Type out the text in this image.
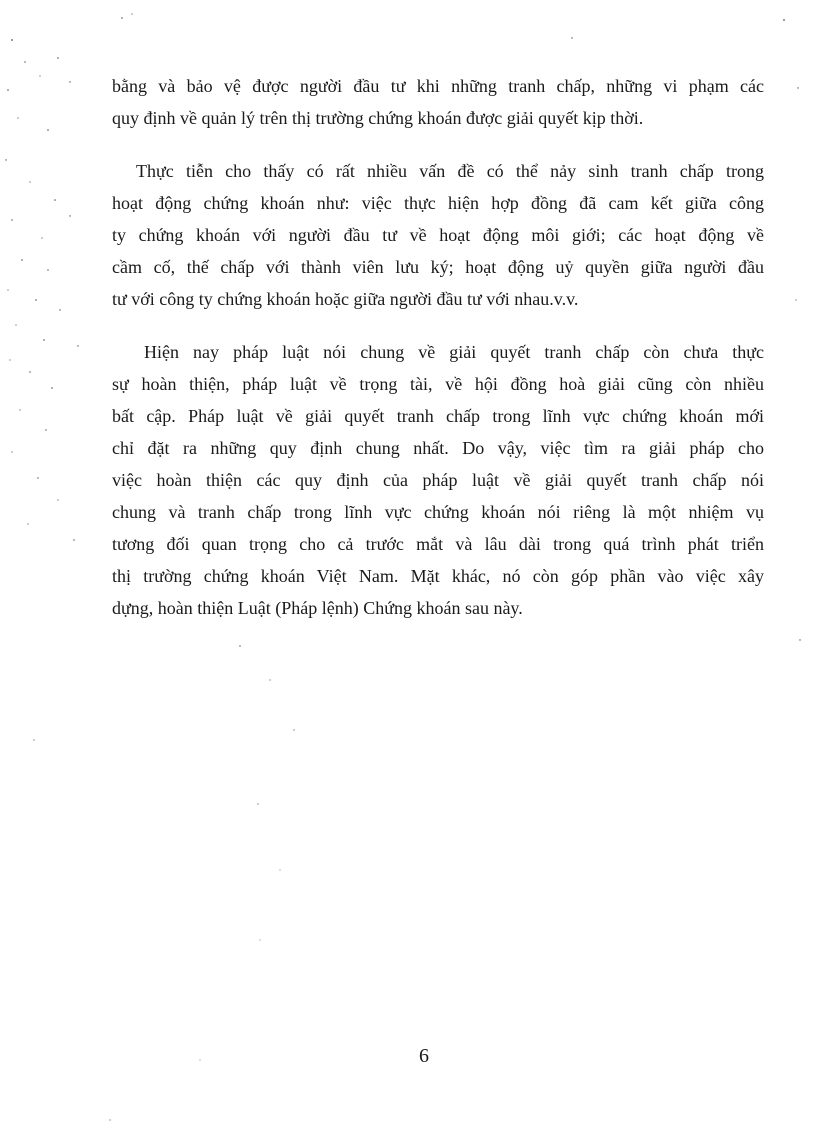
bằng và bảo vệ được người đầu tư khi những tranh chấp, những vi phạm các
quy định về quản lý trên thị trường chứng khoán được giải quyết kịp thời.
Thực tiễn cho thấy có rất nhiều vấn đề có thể nảy sinh tranh chấp trong
hoạt động chứng khoán như: việc thực hiện hợp đồng đã cam kết giữa công
ty chứng khoán với người đầu tư về hoạt động môi giới; các hoạt động về
cầm cố, thế chấp với thành viên lưu ký; hoạt động uỷ quyền giữa người đầu
tư với công ty chứng khoán hoặc giữa người đầu tư với nhau.v.v.
Hiện nay pháp luật nói chung về giải quyết tranh chấp còn chưa thực
sự hoàn thiện, pháp luật về trọng tài, về hội đồng hoà giải cũng còn nhiều
bất cập. Pháp luật về giải quyết tranh chấp trong lĩnh vực chứng khoán mới
chỉ đặt ra những quy định chung nhất. Do vậy, việc tìm ra giải pháp cho
việc hoàn thiện các quy định của pháp luật về giải quyết tranh chấp nói
chung và tranh chấp trong lĩnh vực chứng khoán nói riêng là một nhiệm vụ
tương đối quan trọng cho cả trước mắt và lâu dài trong quá trình phát triển
thị trường chứng khoán Việt Nam. Mặt khác, nó còn góp phần vào việc xây
dựng, hoàn thiện Luật (Pháp lệnh) Chứng khoán sau này.
6
